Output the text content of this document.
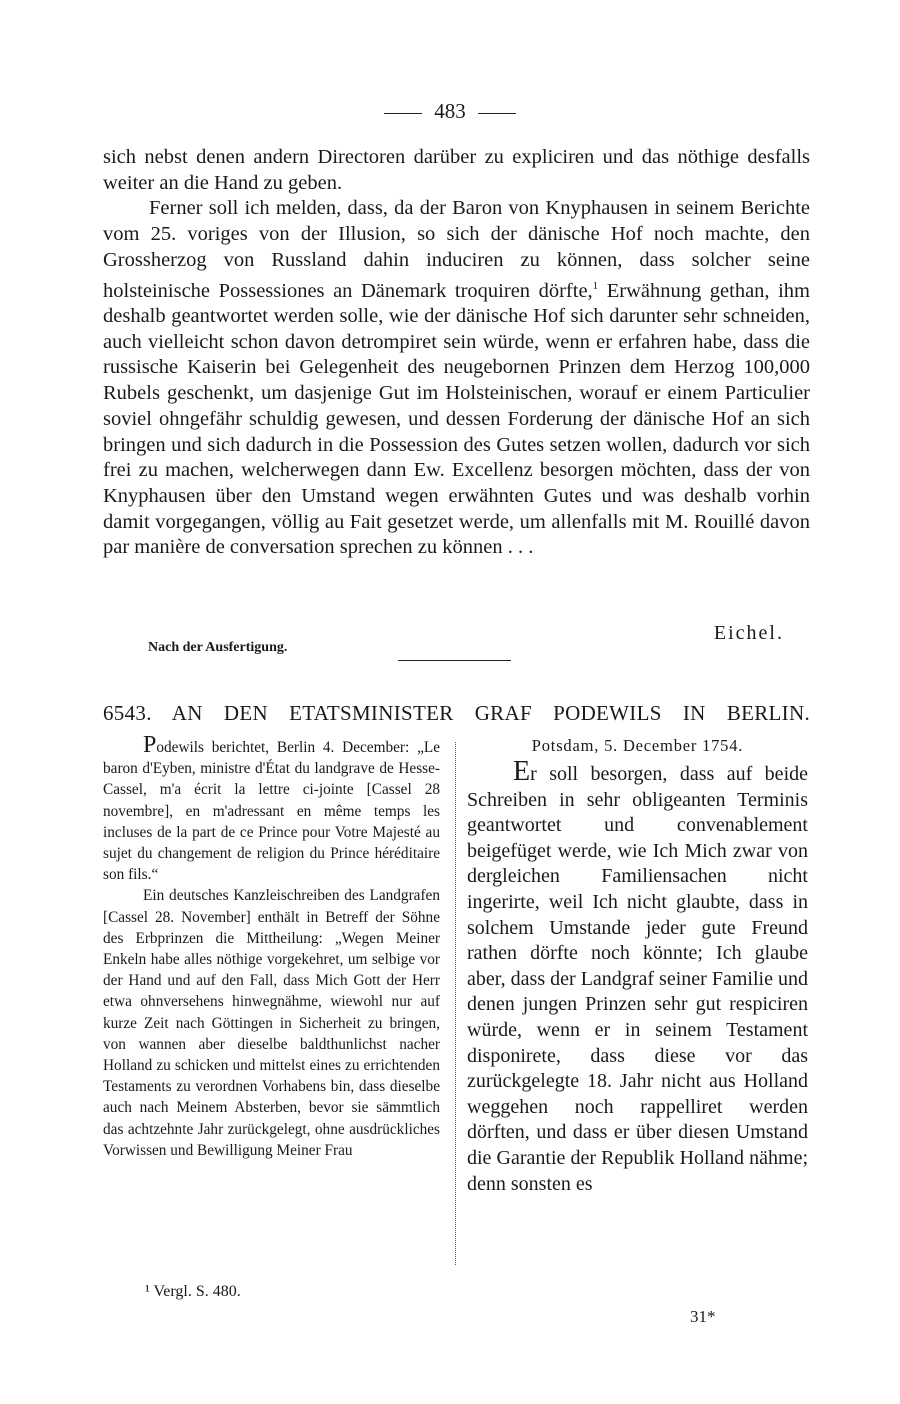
483

sich nebst denen andern Directoren darüber zu expliciren und das nöthige desfalls weiter an die Hand zu geben.

Ferner soll ich melden, dass, da der Baron von Knyphausen in seinem Berichte vom 25. voriges von der Illusion, so sich der dänische Hof noch machte, den Grossherzog von Russland dahin induciren zu können, dass solcher seine holsteinische Possessiones an Dänemark troquiren dörfte,$^1$ Erwähnung gethan, ihm deshalb geantwortet werden solle, wie der dänische Hof sich darunter sehr schneiden, auch vielleicht schon davon detrompiret sein würde, wenn er erfahren habe, dass die russische Kaiserin bei Gelegenheit des neugebornen Prinzen dem Herzog 100,000 Rubels geschenkt, um dasjenige Gut im Holsteinischen, worauf er einem Particulier soviel ohngefähr schuldig gewesen, und dessen Forderung der dänische Hof an sich bringen und sich dadurch in die Possession des Gutes setzen wollen, dadurch vor sich frei zu machen, welcherwegen dann Ew. Excellenz besorgen möchten, dass der von Knyphausen über den Umstand wegen erwähnten Gutes und was deshalb vorhin damit vorgegangen, völlig au Fait gesetzet werde, um allenfalls mit M. Rouillé davon par manière de conversation sprechen zu können . . .

Eichel.
Nach der Ausfertigung.
6543. AN DEN ETATSMINISTER GRAF PODEWILS IN BERLIN.

Podewils berichtet, Berlin 4. December: „Le baron d'Eyben, ministre d'État du landgrave de Hesse-Cassel, m'a écrit la lettre ci-jointe [Cassel 28 novembre], en m'adressant en même temps les incluses de la part de ce Prince pour Votre Majesté au sujet du changement de religion du Prince héréditaire son fils.“

Ein deutsches Kanzleischreiben des Landgrafen [Cassel 28. November] enthält in Betreff der Söhne des Erbprinzen die Mittheilung: „Wegen Meiner Enkeln habe alles nöthige vorgekehret, um selbige vor der Hand und auf den Fall, dass Mich Gott der Herr etwa ohnversehens hinwegnähme, wiewohl nur auf kurze Zeit nach Göttingen in Sicherheit zu bringen, von wannen aber dieselbe baldthunlichst nacher Holland zu schicken und mittelst eines zu errichtenden Testaments zu verordnen Vorhabens bin, dass dieselbe auch nach Meinem Absterben, bevor sie sämmtlich das achtzehnte Jahr zurückgelegt, ohne ausdrückliches Vorwissen und Bewilligung Meiner Frau

Potsdam, 5. December 1754.
Er soll besorgen, dass auf beide Schreiben in sehr obligeanten Terminis geantwortet und convenablement beigefüget werde, wie Ich Mich zwar von dergleichen Familiensachen nicht ingerirte, weil Ich nicht glaubte, dass in solchem Umstande jeder gute Freund rathen dörfte noch könnte; Ich glaube aber, dass der Landgraf seiner Familie und denen jungen Prinzen sehr gut respiciren würde, wenn er in seinem Testament disponirete, dass diese vor das zurückgelegte 18. Jahr nicht aus Holland weggehen noch rappelliret werden dörften, und dass er über diesen Umstand die Garantie der Republik Holland nähme; denn sonsten es
¹ Vergl. S. 480.
31*
